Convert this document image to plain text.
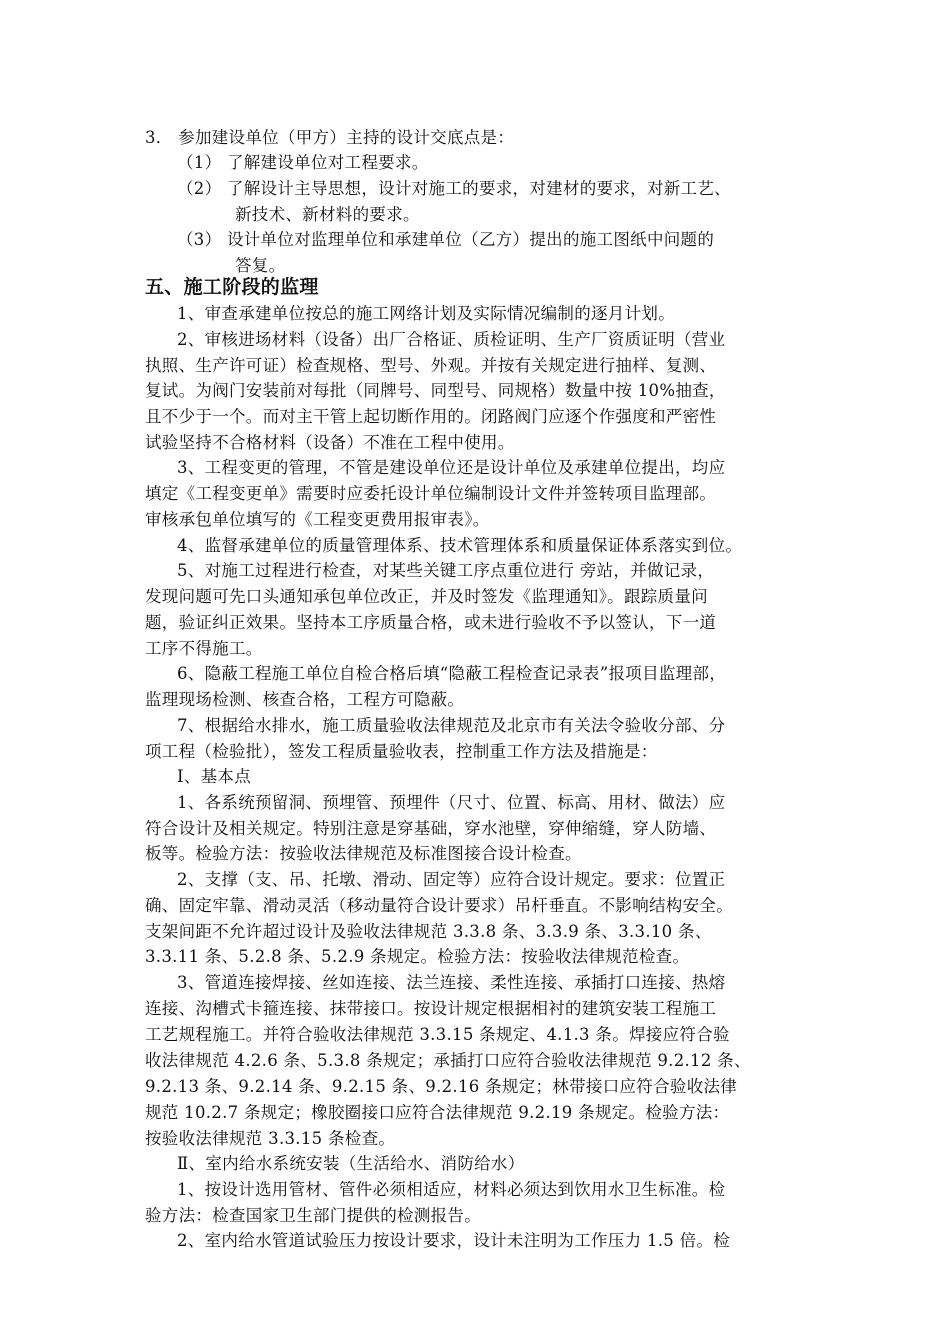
3． 参加建设单位（甲方）主持的设计交底点是：
（1） 了解建设单位对工程要求。
（2） 了解设计主导思想，设计对施工的要求，对建材的要求，对新工艺、
新技术、新材料的要求。
（3） 设计单位对监理单位和承建单位（乙方）提出的施工图纸中问题的
答复。
五、施工阶段的监理
1、审查承建单位按总的施工网络计划及实际情况编制的逐月计划。
2、审核进场材料（设备）出厂合格证、质检证明、生产厂资质证明（营业
执照、生产许可证）检查规格、型号、外观。并按有关规定进行抽样、复测、
复试。为阀门安装前对每批（同牌号、同型号、同规格）数量中按 10%抽查，
且不少于一个。而对主干管上起切断作用的。闭路阀门应逐个作强度和严密性
试验坚持不合格材料（设备）不准在工程中使用。
3、工程变更的管理，不管是建设单位还是设计单位及承建单位提出，均应
填定《工程变更单》需要时应委托设计单位编制设计文件并签转项目监理部。
审核承包单位填写的《工程变更费用报审表》。
4、监督承建单位的质量管理体系、技术管理体系和质量保证体系落实到位。
5、对施工过程进行检查，对某些关键工序点重位进行 旁站，并做记录，
发现问题可先口头通知承包单位改正，并及时签发《监理通知》。跟踪质量问
题，验证纠正效果。坚持本工序质量合格，或未进行验收不予以签认，下一道
工序不得施工。
6、隐蔽工程施工单位自检合格后填“隐蔽工程检查记录表”报项目监理部，
监理现场检测、核查合格，工程方可隐蔽。
7、根据给水排水，施工质量验收法律规范及北京市有关法令验收分部、分
项工程（检验批），签发工程质量验收表，控制重工作方法及措施是：
Ⅰ、基本点
1、各系统预留洞、预埋管、预埋件（尺寸、位置、标高、用材、做法）应
符合设计及相关规定。特别注意是穿基础，穿水池壁，穿伸缩缝，穿人防墙、
板等。检验方法：按验收法律规范及标准图接合设计检查。
2、支撑（支、吊、托墩、滑动、固定等）应符合设计规定。要求：位置正
确、固定牢靠、滑动灵活（移动量符合设计要求）吊杆垂直。不影响结构安全。
支架间距不允许超过设计及验收法律规范 3.3.8 条、3.3.9 条、3.3.10 条、
3.3.11 条、5.2.8 条、5.2.9 条规定。检验方法：按验收法律规范检查。
3、管道连接焊接、丝如连接、法兰连接、柔性连接、承插打口连接、热熔
连接、沟槽式卡箍连接、抹带接口。按设计规定根据相衬的建筑安装工程施工
工艺规程施工。并符合验收法律规范 3.3.15 条规定、4.1.3 条。焊接应符合验
收法律规范 4.2.6 条、5.3.8 条规定；承插打口应符合验收法律规范 9.2.12 条、
9.2.13 条、9.2.14 条、9.2.15 条、9.2.16 条规定；林带接口应符合验收法律
规范 10.2.7 条规定；橡胶圈接口应符合法律规范 9.2.19 条规定。检验方法：
按验收法律规范 3.3.15 条检查。
Ⅱ、室内给水系统安装（生活给水、消防给水）
1、按设计选用管材、管件必须相适应，材料必须达到饮用水卫生标准。检
验方法：检查国家卫生部门提供的检测报告。
2、室内给水管道试验压力按设计要求，设计未注明为工作压力 1.5 倍。检
